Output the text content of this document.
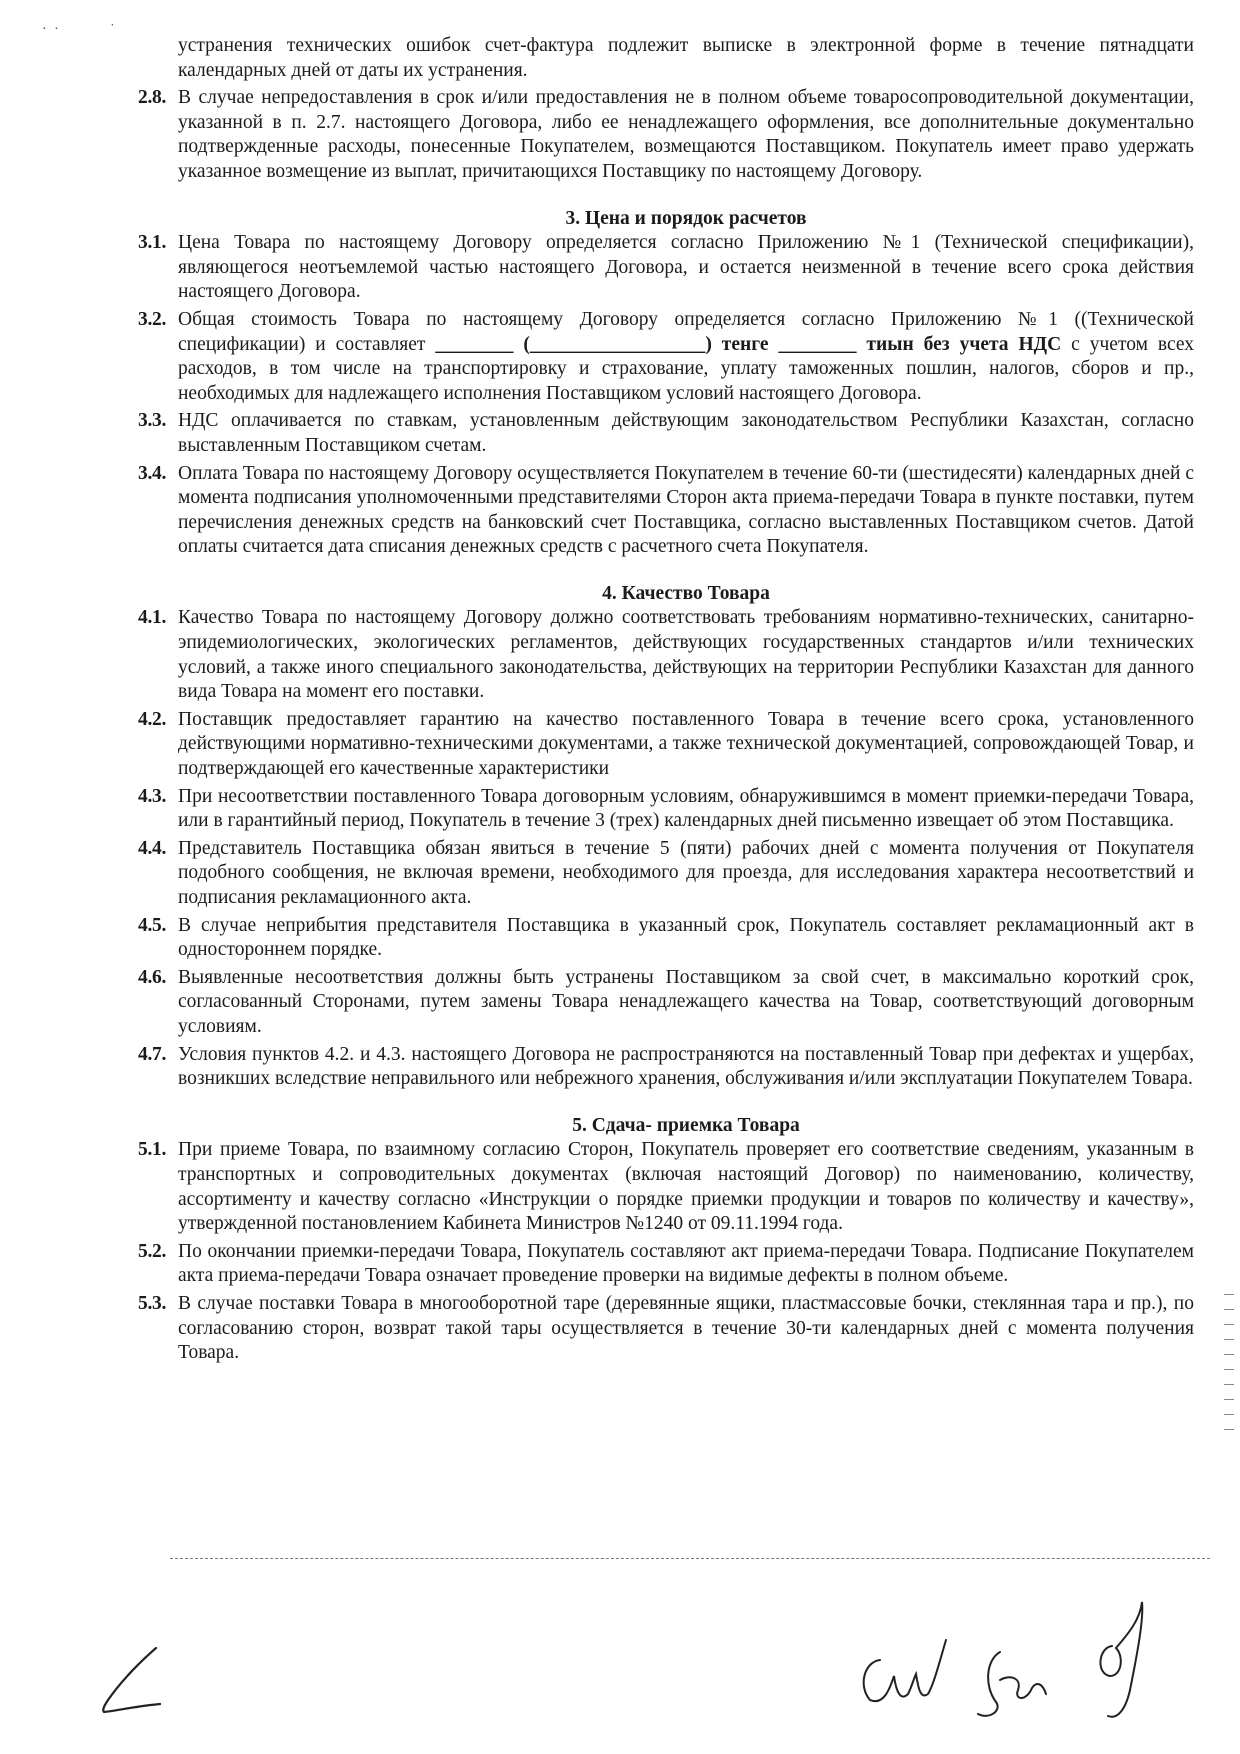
· ·	˙

устранения технических ошибок счет-фактура подлежит выписке в электронной форме в течение пятнадцати календарных дней от даты их устранения.

2.8. В случае непредоставления в срок и/или предоставления не в полном объеме товаросопроводительной документации, указанной в п. 2.7. настоящего Договора, либо ее ненадлежащего оформления, все дополнительные документально подтвержденные расходы, понесенные Покупателем, возмещаются Поставщиком. Покупатель имеет право удержать указанное возмещение из выплат, причитающихся Поставщику по настоящему Договору.

3. Цена и порядок расчетов

3.1. Цена Товара по настоящему Договору определяется согласно Приложению №1 (Технической спецификации), являющегося неотъемлемой частью настоящего Договора, и остается неизменной в течение всего срока действия настоящего Договора.

3.2. Общая стоимость Товара по настоящему Договору определяется согласно Приложению №1 ((Технической спецификации) и составляет ________ (__________________) тенге ________ тиын без учета НДС с учетом всех расходов, в том числе на транспортировку и страхование, уплату таможенных пошлин, налогов, сборов и пр., необходимых для надлежащего исполнения Поставщиком условий настоящего Договора.

3.3. НДС оплачивается по ставкам, установленным действующим законодательством Республики Казахстан, согласно выставленным Поставщиком счетам.

3.4. Оплата Товара по настоящему Договору осуществляется Покупателем в течение 60-ти (шестидесяти) календарных дней с момента подписания уполномоченными представителями Сторон акта приема-передачи Товара в пункте поставки, путем перечисления денежных средств на банковский счет Поставщика, согласно выставленных Поставщиком счетов. Датой оплаты считается дата списания денежных средств с расчетного счета Покупателя.

4. Качество Товара

4.1. Качество Товара по настоящему Договору должно соответствовать требованиям нормативно-технических, санитарно-эпидемиологических, экологических регламентов, действующих государственных стандартов и/или технических условий, а также иного специального законодательства, действующих на территории Республики Казахстан для данного вида Товара на момент его поставки.

4.2. Поставщик предоставляет гарантию на качество поставленного Товара в течение всего срока, установленного действующими нормативно-техническими документами, а также технической документацией, сопровождающей Товар, и подтверждающей его качественные характеристики

4.3. При несоответствии поставленного Товара договорным условиям, обнаружившимся в момент приемки-передачи Товара, или в гарантийный период, Покупатель в течение 3 (трех) календарных дней письменно извещает об этом Поставщика.

4.4. Представитель Поставщика обязан явиться в течение 5 (пяти) рабочих дней с момента получения от Покупателя подобного сообщения, не включая времени, необходимого для проезда, для исследования характера несоответствий и подписания рекламационного акта.

4.5. В случае неприбытия представителя Поставщика в указанный срок, Покупатель составляет рекламационный акт в одностороннем порядке.

4.6. Выявленные несоответствия должны быть устранены Поставщиком за свой счет, в максимально короткий срок, согласованный Сторонами, путем замены Товара ненадлежащего качества на Товар, соответствующий договорным условиям.

4.7. Условия пунктов 4.2. и 4.3. настоящего Договора не распространяются на поставленный Товар при дефектах и ущербах, возникших вследствие неправильного или небрежного хранения, обслуживания и/или эксплуатации Покупателем Товара.

5. Сдача- приемка Товара

5.1. При приеме Товара, по взаимному согласию Сторон, Покупатель проверяет его соответствие сведениям, указанным в транспортных и сопроводительных документах (включая настоящий Договор) по наименованию, количеству, ассортименту и качеству согласно «Инструкции о порядке приемки продукции и товаров по количеству и качеству», утвержденной постановлением Кабинета Министров №1240 от 09.11.1994 года.

5.2. По окончании приемки-передачи Товара, Покупатель составляют акт приема-передачи Товара. Подписание Покупателем акта приема-передачи Товара означает проведение проверки на видимые дефекты в полном объеме.

5.3. В случае поставки Товара в многооборотной таре (деревянные ящики, пластмассовые бочки, стеклянная тара и пр.), по согласованию сторон, возврат такой тары осуществляется в течение 30-ти календарных дней с момента получения Товара.
